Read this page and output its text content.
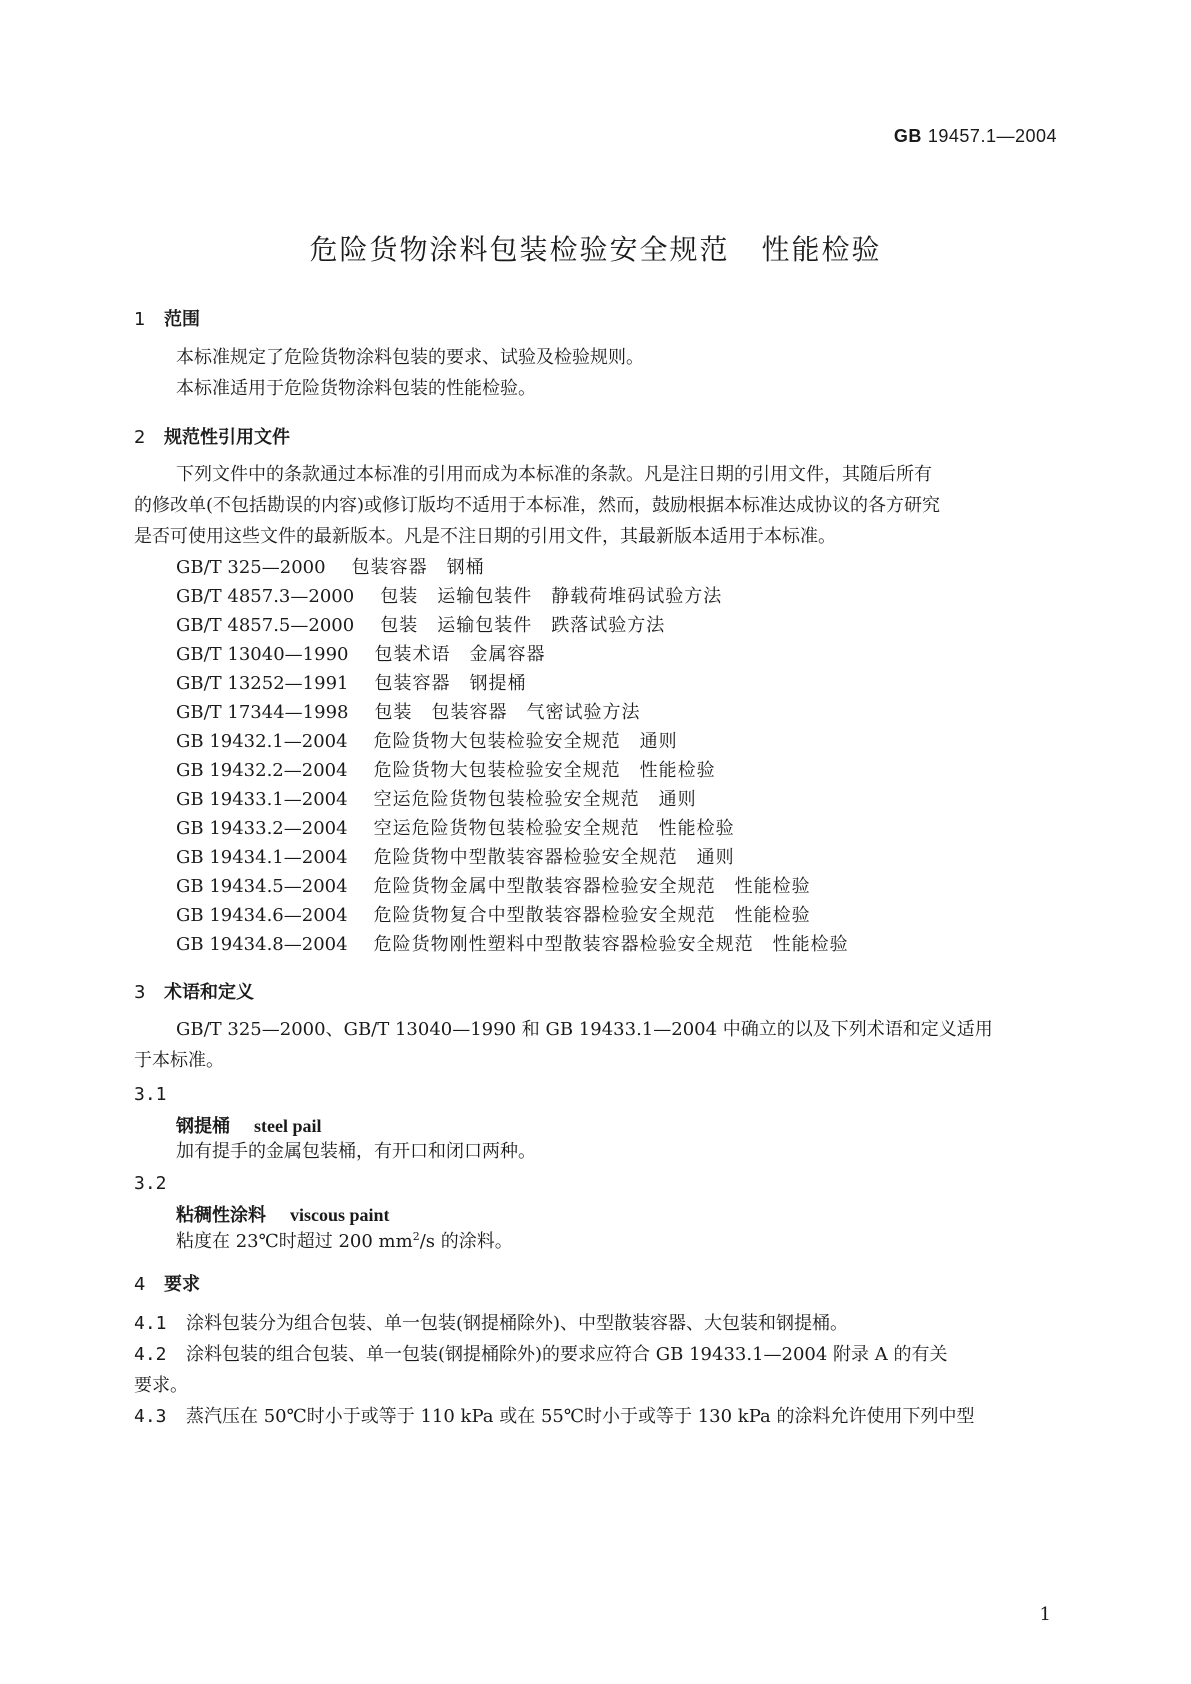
GB 19457.1—2004
危险货物涂料包装检验安全规范 性能检验
1 范围
本标准规定了危险货物涂料包装的要求、试验及检验规则。
本标准适用于危险货物涂料包装的性能检验。
2 规范性引用文件
下列文件中的条款通过本标准的引用而成为本标准的条款。凡是注日期的引用文件，其随后所有
的修改单(不包括勘误的内容)或修订版均不适用于本标准，然而，鼓励根据本标准达成协议的各方研究
是否可使用这些文件的最新版本。凡是不注日期的引用文件，其最新版本适用于本标准。
GB/T 325—2000 包装容器　钢桶
GB/T 4857.3—2000 包装　运输包装件　静载荷堆码试验方法
GB/T 4857.5—2000 包装　运输包装件　跌落试验方法
GB/T 13040—1990 包装术语　金属容器
GB/T 13252—1991 包装容器　钢提桶
GB/T 17344—1998 包装　包装容器　气密试验方法
GB 19432.1—2004 危险货物大包装检验安全规范　通则
GB 19432.2—2004 危险货物大包装检验安全规范　性能检验
GB 19433.1—2004 空运危险货物包装检验安全规范　通则
GB 19433.2—2004 空运危险货物包装检验安全规范　性能检验
GB 19434.1—2004 危险货物中型散装容器检验安全规范　通则
GB 19434.5—2004 危险货物金属中型散装容器检验安全规范　性能检验
GB 19434.6—2004 危险货物复合中型散装容器检验安全规范　性能检验
GB 19434.8—2004 危险货物刚性塑料中型散装容器检验安全规范　性能检验
3 术语和定义
GB/T 325—2000、GB/T 13040—1990 和 GB 19433.1—2004 中确立的以及下列术语和定义适用
于本标准。
3.1
钢提桶 steel pail
加有提手的金属包装桶，有开口和闭口两种。
3.2
粘稠性涂料 viscous paint
粘度在 23℃时超过 200 $mm^2/s$ 的涂料。
4 要求
4.1 涂料包装分为组合包装、单一包装(钢提桶除外)、中型散装容器、大包装和钢提桶。
4.2 涂料包装的组合包装、单一包装(钢提桶除外)的要求应符合 GB 19433.1—2004 附录 A 的有关
要求。
4.3 蒸汽压在 50℃时小于或等于 110 kPa 或在 55℃时小于或等于 130 kPa 的涂料允许使用下列中型
1
